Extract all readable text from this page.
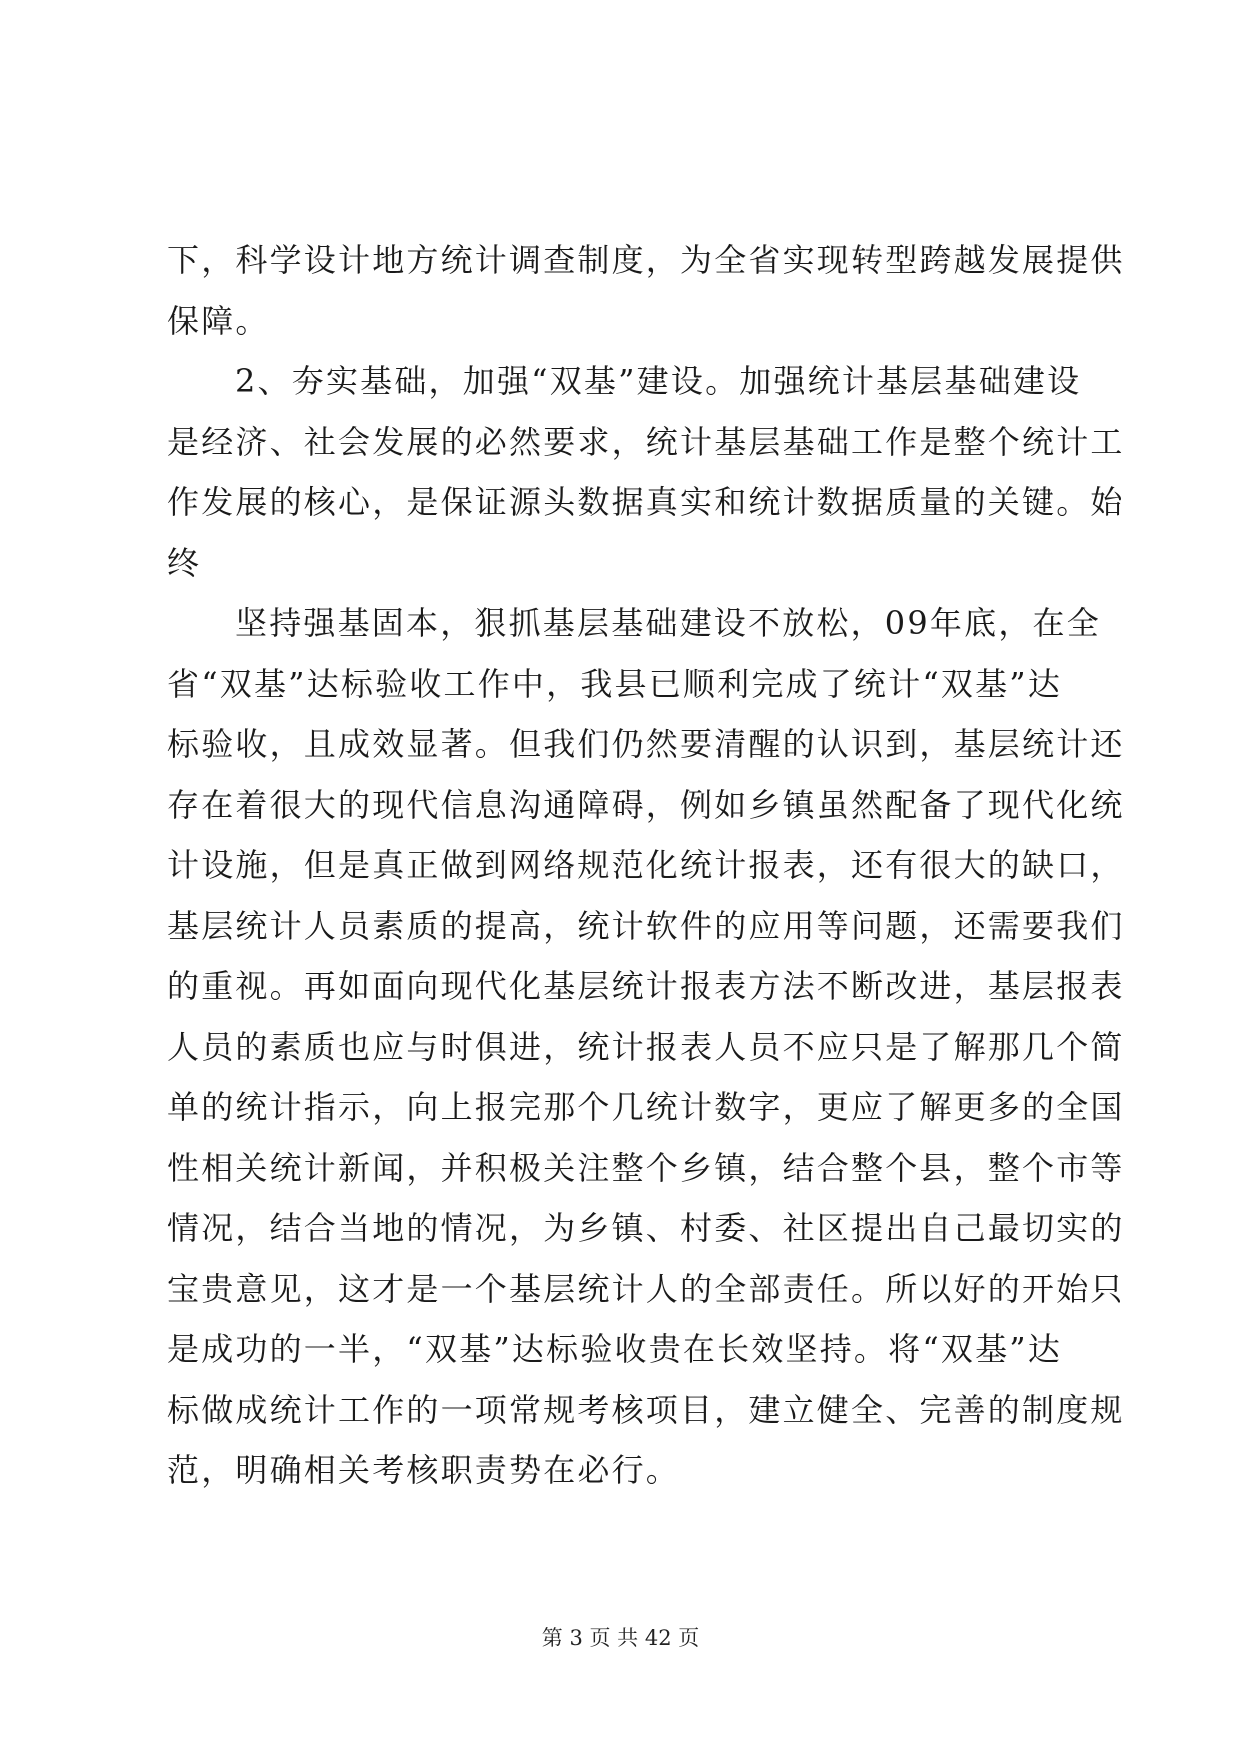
下，科学设计地方统计调查制度，为全省实现转型跨越发展提供
保障。
2、夯实基础，加强“双基”建设。加强统计基层基础建设
是经济、社会发展的必然要求，统计基层基础工作是整个统计工
作发展的核心，是保证源头数据真实和统计数据质量的关键。始
终
坚持强基固本，狠抓基层基础建设不放松，09年底，在全
省“双基”达标验收工作中，我县已顺利完成了统计“双基”达
标验收，且成效显著。但我们仍然要清醒的认识到，基层统计还
存在着很大的现代信息沟通障碍，例如乡镇虽然配备了现代化统
计设施，但是真正做到网络规范化统计报表，还有很大的缺口，
基层统计人员素质的提高，统计软件的应用等问题，还需要我们
的重视。再如面向现代化基层统计报表方法不断改进，基层报表
人员的素质也应与时俱进，统计报表人员不应只是了解那几个简
单的统计指示，向上报完那个几统计数字，更应了解更多的全国
性相关统计新闻，并积极关注整个乡镇，结合整个县，整个市等
情况，结合当地的情况，为乡镇、村委、社区提出自己最切实的
宝贵意见，这才是一个基层统计人的全部责任。所以好的开始只
是成功的一半，“双基”达标验收贵在长效坚持。将“双基”达
标做成统计工作的一项常规考核项目，建立健全、完善的制度规
范，明确相关考核职责势在必行。
第 3 页 共 42 页
